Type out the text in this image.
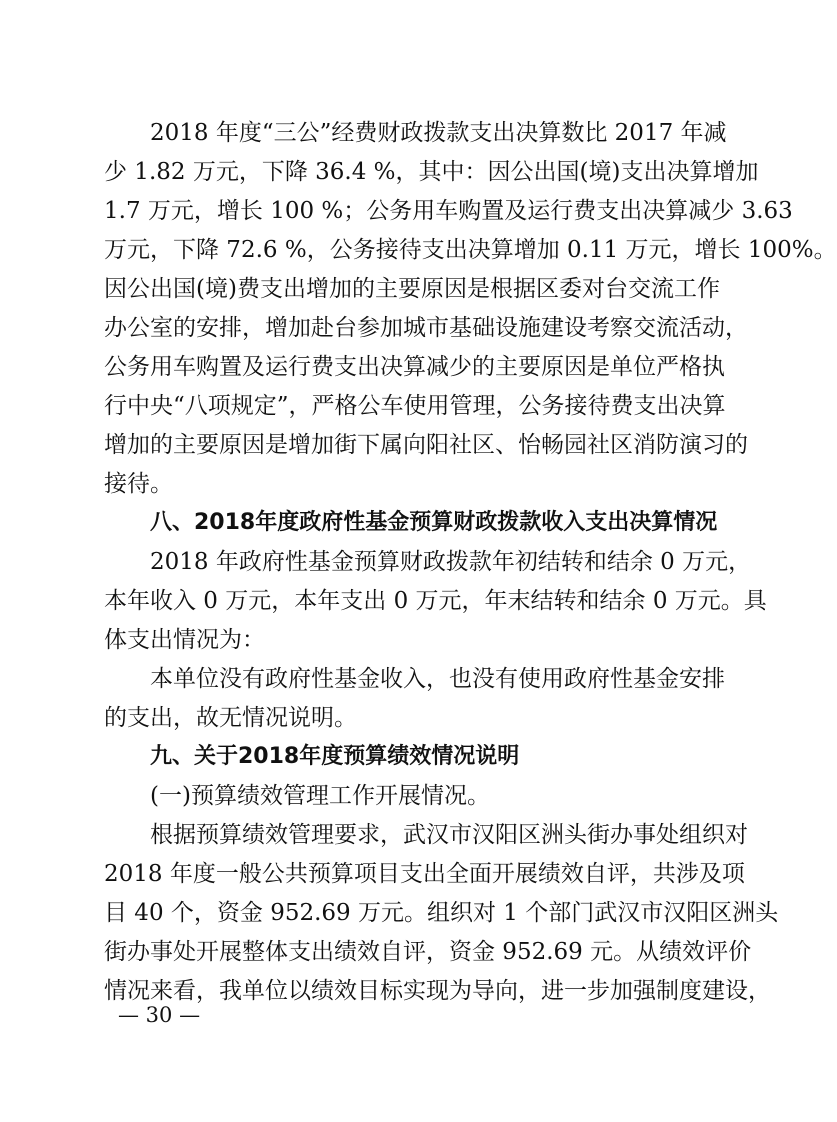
2018 年度“三公”经费财政拨款支出决算数比 2017 年减
少 1.82 万元，下降 36.4 %，其中：因公出国(境)支出决算增加
1.7 万元，增长 100 %；公务用车购置及运行费支出决算减少 3.63
万元，下降 72.6 %，公务接待支出决算增加 0.11 万元，增长 100%。
因公出国(境)费支出增加的主要原因是根据区委对台交流工作
办公室的安排，增加赴台参加城市基础设施建设考察交流活动，
公务用车购置及运行费支出决算减少的主要原因是单位严格执
行中央“八项规定”，严格公车使用管理，公务接待费支出决算
增加的主要原因是增加街下属向阳社区、怡畅园社区消防演习的
接待。
八、2018年度政府性基金预算财政拨款收入支出决算情况
2018 年政府性基金预算财政拨款年初结转和结余 0 万元，
本年收入 0 万元，本年支出 0 万元，年末结转和结余 0 万元。具
体支出情况为：
本单位没有政府性基金收入，也没有使用政府性基金安排
的支出，故无情况说明。
九、关于2018年度预算绩效情况说明
(一)预算绩效管理工作开展情况。
根据预算绩效管理要求，武汉市汉阳区洲头街办事处组织对
2018 年度一般公共预算项目支出全面开展绩效自评，共涉及项
目 40 个，资金 952.69 万元。组织对 1 个部门武汉市汉阳区洲头
街办事处开展整体支出绩效自评，资金 952.69 元。从绩效评价
情况来看，我单位以绩效目标实现为导向，进一步加强制度建设，
— 30 —
